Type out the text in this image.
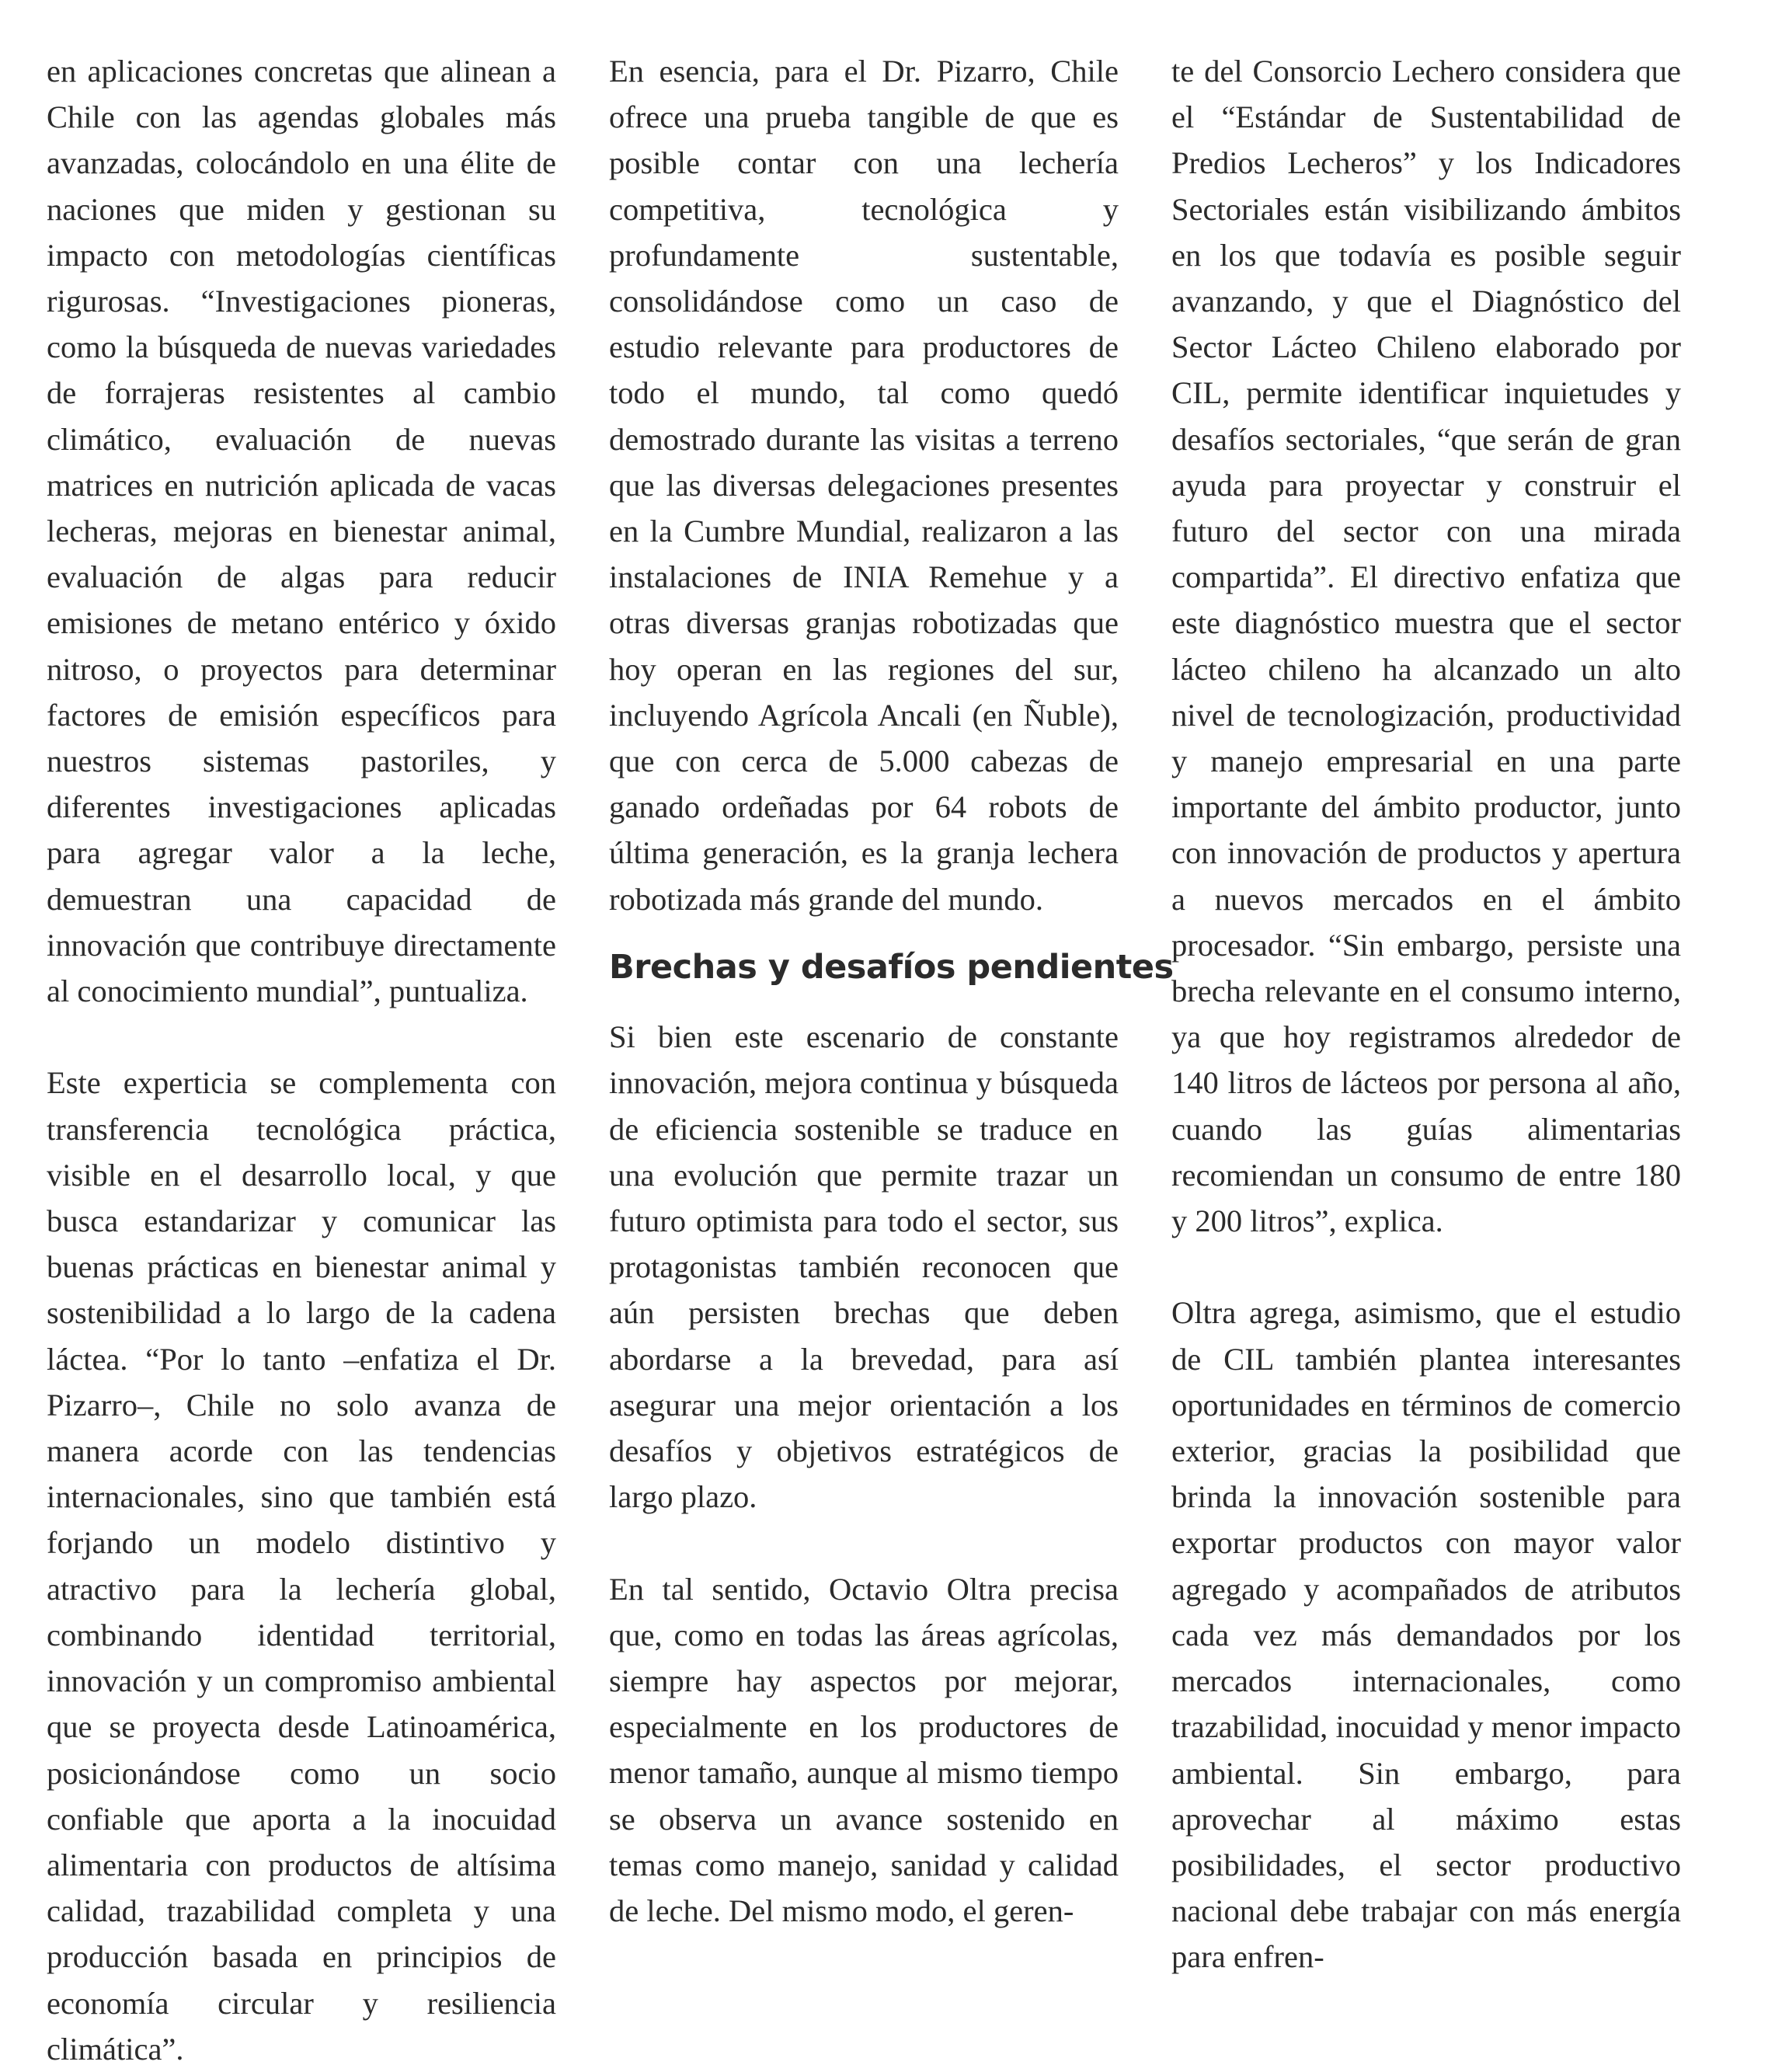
en aplicaciones concretas que alinean a Chile con las agendas globales más avanzadas, colocándolo en una élite de naciones que miden y gestionan su impacto con metodologías científicas rigurosas. “Investigaciones pioneras, como la búsqueda de nuevas variedades de forrajeras resistentes al cambio climático, evaluación de nuevas matrices en nutrición aplicada de vacas lecheras, mejoras en bienestar animal, evaluación de algas para reducir emisiones de metano entérico y óxido nitroso, o proyectos para determinar factores de emisión específicos para nuestros sistemas pastoriles, y diferentes investigaciones aplicadas para agregar valor a la leche, demuestran una capacidad de innovación que contribuye directamente al conocimiento mundial”, puntualiza.

Este experticia se complementa con transferencia tecnológica práctica, visible en el desarrollo local, y que busca estandarizar y comunicar las buenas prácticas en bienestar animal y sostenibilidad a lo largo de la cadena láctea. “Por lo tanto –enfatiza el Dr. Pizarro–, Chile no solo avanza de manera acorde con las tendencias internacionales, sino que también está forjando un modelo distintivo y atractivo para la lechería global, combinando identidad territorial, innovación y un compromiso ambiental que se proyecta desde Latinoamérica, posicionándose como un socio confiable que aporta a la inocuidad alimentaria con productos de altísima calidad, trazabilidad completa y una producción basada en principios de economía circular y resiliencia climática”.

En esencia, para el Dr. Pizarro, Chile ofrece una prueba tangible de que es posible contar con una lechería competitiva, tecnológica y profundamente sustentable, consolidándose como un caso de estudio relevante para productores de todo el mundo, tal como quedó demostrado durante las visitas a terreno que las diversas delegaciones presentes en la Cumbre Mundial, realizaron a las instalaciones de INIA Remehue y a otras diversas granjas robotizadas que hoy operan en las regiones del sur, incluyendo Agrícola Ancali (en Ñuble), que con cerca de 5.000 cabezas de ganado ordeñadas por 64 robots de última generación, es la granja lechera robotizada más grande del mundo.

Brechas y desafíos pendientes

Si bien este escenario de constante innovación, mejora continua y búsqueda de eficiencia sostenible se traduce en una evolución que permite trazar un futuro optimista para todo el sector, sus protagonistas también reconocen que aún persisten brechas que deben abordarse a la brevedad, para así asegurar una mejor orientación a los desafíos y objetivos estratégicos de largo plazo.

En tal sentido, Octavio Oltra precisa que, como en todas las áreas agrícolas, siempre hay aspectos por mejorar, especialmente en los productores de menor tamaño, aunque al mismo tiempo se observa un avance sostenido en temas como manejo, sanidad y calidad de leche. Del mismo modo, el geren-

te del Consorcio Lechero considera que el “Estándar de Sustentabilidad de Predios Lecheros” y los Indicadores Sectoriales están visibilizando ámbitos en los que todavía es posible seguir avanzando, y que el Diagnóstico del Sector Lácteo Chileno elaborado por CIL, permite identificar inquietudes y desafíos sectoriales, “que serán de gran ayuda para proyectar y construir el futuro del sector con una mirada compartida”. El directivo enfatiza que este diagnóstico muestra que el sector lácteo chileno ha alcanzado un alto nivel de tecnologización, productividad y manejo empresarial en una parte importante del ámbito productor, junto con innovación de productos y apertura a nuevos mercados en el ámbito procesador. “Sin embargo, persiste una brecha relevante en el consumo interno, ya que hoy registramos alrededor de 140 litros de lácteos por persona al año, cuando las guías alimentarias recomiendan un consumo de entre 180 y 200 litros”, explica.

Oltra agrega, asimismo, que el estudio de CIL también plantea interesantes oportunidades en términos de comercio exterior, gracias la posibilidad que brinda la innovación sostenible para exportar productos con mayor valor agregado y acompañados de atributos cada vez más demandados por los mercados internacionales, como trazabilidad, inocuidad y menor impacto ambiental. Sin embargo, para aprovechar al máximo estas posibilidades, el sector productivo nacional debe trabajar con más energía para enfren-
